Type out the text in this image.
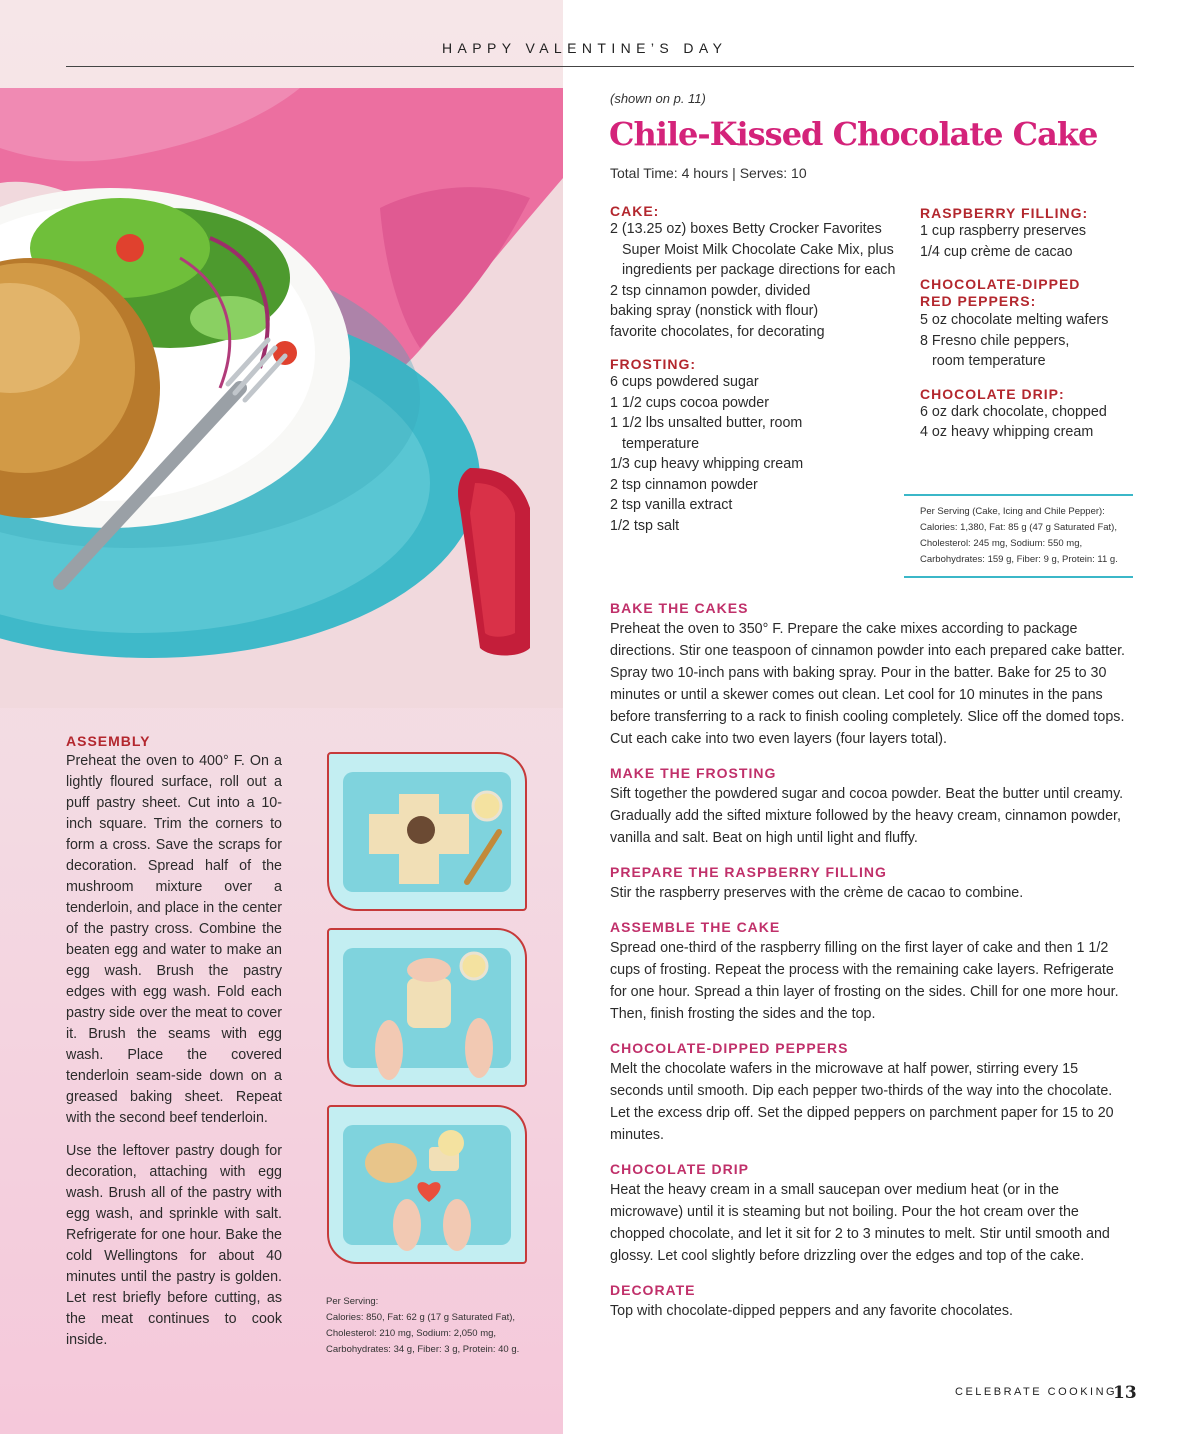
HAPPY VALENTINE’S DAY
(shown on p. 11)
Chile-Kissed Chocolate Cake
Total Time: 4 hours | Serves: 10

CAKE:

2 (13.25 oz) boxes Betty Crocker Favorites Super Moist Milk Chocolate Cake Mix, plus ingredients per package directions for each
2 tsp cinnamon powder, divided
baking spray (nonstick with flour)
favorite chocolates, for decorating

FROSTING:

6 cups powdered sugar
1 1/2 cups cocoa powder
1 1/2 lbs unsalted butter, room temperature
1/3 cup heavy whipping cream
2 tsp cinnamon powder
2 tsp vanilla extract
1/2 tsp salt

RASPBERRY FILLING:

1 cup raspberry preserves
1/4 cup crème de cacao

CHOCOLATE-DIPPED RED PEPPERS:

5 oz chocolate melting wafers
8 Fresno chile peppers, room temperature

CHOCOLATE DRIP:

6 oz dark chocolate, chopped
4 oz heavy whipping cream
Per Serving (Cake, Icing and Chile Pepper):
Calories: 1,380, Fat: 85 g (47 g Saturated Fat),
Cholesterol: 245 mg, Sodium: 550 mg,
Carbohydrates: 159 g, Fiber: 9 g, Protein: 11 g.
BAKE THE CAKES

Preheat the oven to 350° F. Prepare the cake mixes according to package directions. Stir one teaspoon of cinnamon powder into each prepared cake batter. Spray two 10-inch pans with baking spray. Pour in the batter. Bake for 25 to 30 minutes or until a skewer comes out clean. Let cool for 10 minutes in the pans before transferring to a rack to finish cooling completely. Slice off the domed tops. Cut each cake into two even layers (four layers total).

MAKE THE FROSTING

Sift together the powdered sugar and cocoa powder. Beat the butter until creamy. Gradually add the sifted mixture followed by the heavy cream, cinnamon powder, vanilla and salt. Beat on high until light and fluffy.

PREPARE THE RASPBERRY FILLING

Stir the raspberry preserves with the crème de cacao to combine.

ASSEMBLE THE CAKE

Spread one-third of the raspberry filling on the first layer of cake and then 1 1/2 cups of frosting. Repeat the process with the remaining cake layers. Refrigerate for one hour. Spread a thin layer of frosting on the sides. Chill for one more hour. Then, finish frosting the sides and the top.

CHOCOLATE-DIPPED PEPPERS

Melt the chocolate wafers in the microwave at half power, stirring every 15 seconds until smooth. Dip each pepper two-thirds of the way into the chocolate. Let the excess drip off. Set the dipped peppers on parchment paper for 15 to 20 minutes.

CHOCOLATE DRIP

Heat the heavy cream in a small saucepan over medium heat (or in the microwave) until it is steaming but not boiling. Pour the hot cream over the chopped chocolate, and let it sit for 2 to 3 minutes to melt. Stir until smooth and glossy. Let cool slightly before drizzling over the edges and top of the cake.

DECORATE

Top with chocolate-dipped peppers and any favorite chocolates.

ASSEMBLY

Preheat the oven to 400° F. On a lightly floured surface, roll out a puff pastry sheet. Cut into a 10-inch square. Trim the corners to form a cross. Save the scraps for decoration. Spread half of the mushroom mixture over a tenderloin, and place in the center of the pastry cross. Combine the beaten egg and water to make an egg wash. Brush the pastry edges with egg wash. Fold each pastry side over the meat to cover it. Brush the seams with egg wash. Place the covered tenderloin seam-side down on a greased baking sheet. Repeat with the second beef tenderloin.

Use the leftover pastry dough for decoration, attaching with egg wash. Brush all of the pastry with egg wash, and sprinkle with salt. Refrigerate for one hour. Bake the cold Wellingtons for about 40 minutes until the pastry is golden. Let rest briefly before cutting, as the meat continues to cook inside.

Per Serving:
Calories: 850, Fat: 62 g (17 g Saturated Fat),
Cholesterol: 210 mg, Sodium: 2,050 mg,
Carbohydrates: 34 g, Fiber: 3 g, Protein: 40 g.
CELEBRATE COOKING
13
